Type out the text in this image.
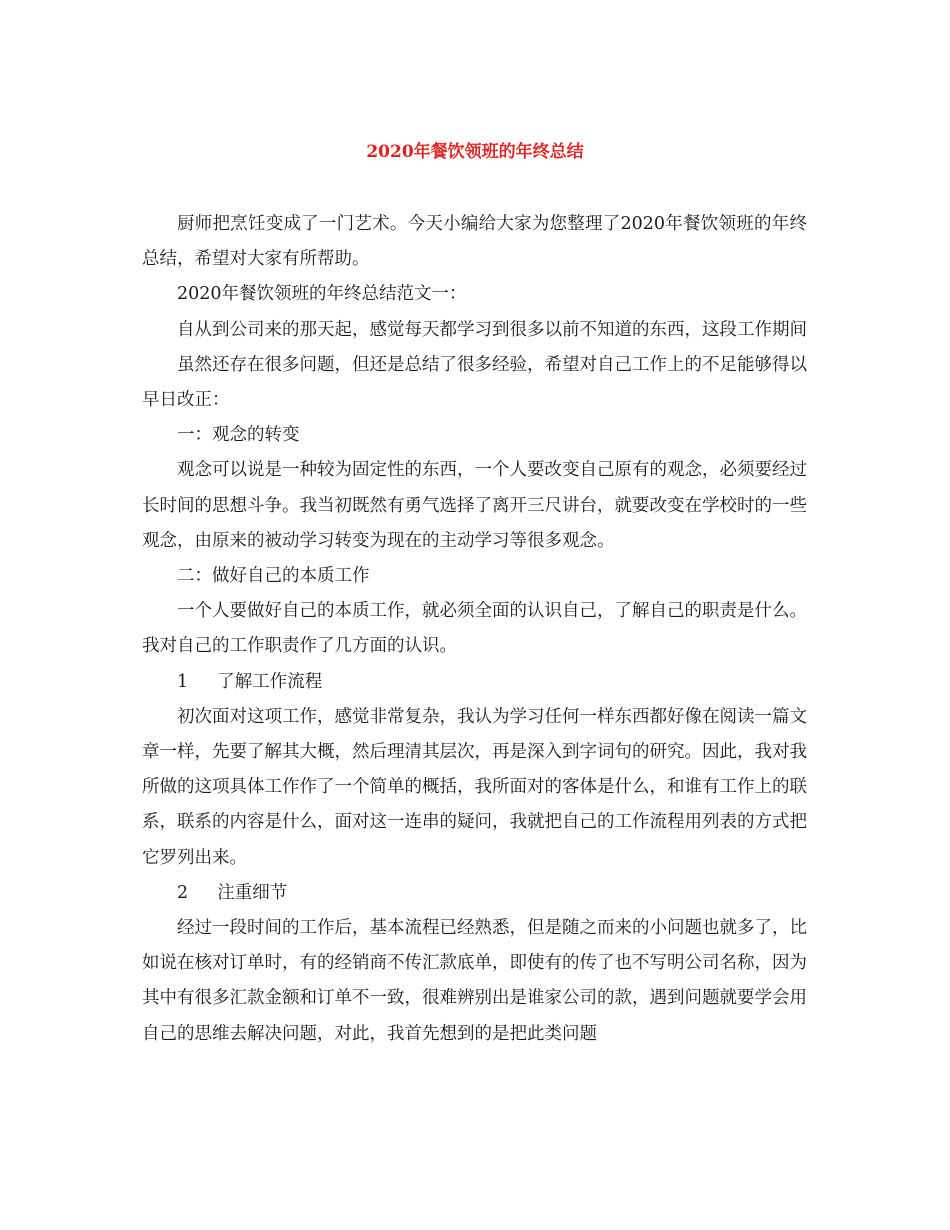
2020年餐饮领班的年终总结

厨师把烹饪变成了一门艺术。今天小编给大家为您整理了2020年餐饮领班的年终总结，希望对大家有所帮助。

2020年餐饮领班的年终总结范文一：

自从到公司来的那天起，感觉每天都学习到很多以前不知道的东西，这段工作期间

虽然还存在很多问题，但还是总结了很多经验，希望对自己工作上的不足能够得以早日改正：

一：观念的转变

观念可以说是一种较为固定性的东西，一个人要改变自己原有的观念，必须要经过长时间的思想斗争。我当初既然有勇气选择了离开三尺讲台，就要改变在学校时的一些观念，由原来的被动学习转变为现在的主动学习等很多观念。

二：做好自己的本质工作

一个人要做好自己的本质工作，就必须全面的认识自己，了解自己的职责是什么。我对自己的工作职责作了几方面的认识。

1 了解工作流程

初次面对这项工作，感觉非常复杂，我认为学习任何一样东西都好像在阅读一篇文章一样，先要了解其大概，然后理清其层次，再是深入到字词句的研究。因此，我对我所做的这项具体工作作了一个简单的概括，我所面对的客体是什么，和谁有工作上的联系，联系的内容是什么，面对这一连串的疑问，我就把自己的工作流程用列表的方式把它罗列出来。

2 注重细节

经过一段时间的工作后，基本流程已经熟悉，但是随之而来的小问题也就多了，比如说在核对订单时，有的经销商不传汇款底单，即使有的传了也不写明公司名称，因为其中有很多汇款金额和订单不一致，很难辨别出是谁家公司的款，遇到问题就要学会用自己的思维去解决问题，对此，我首先想到的是把此类问题
